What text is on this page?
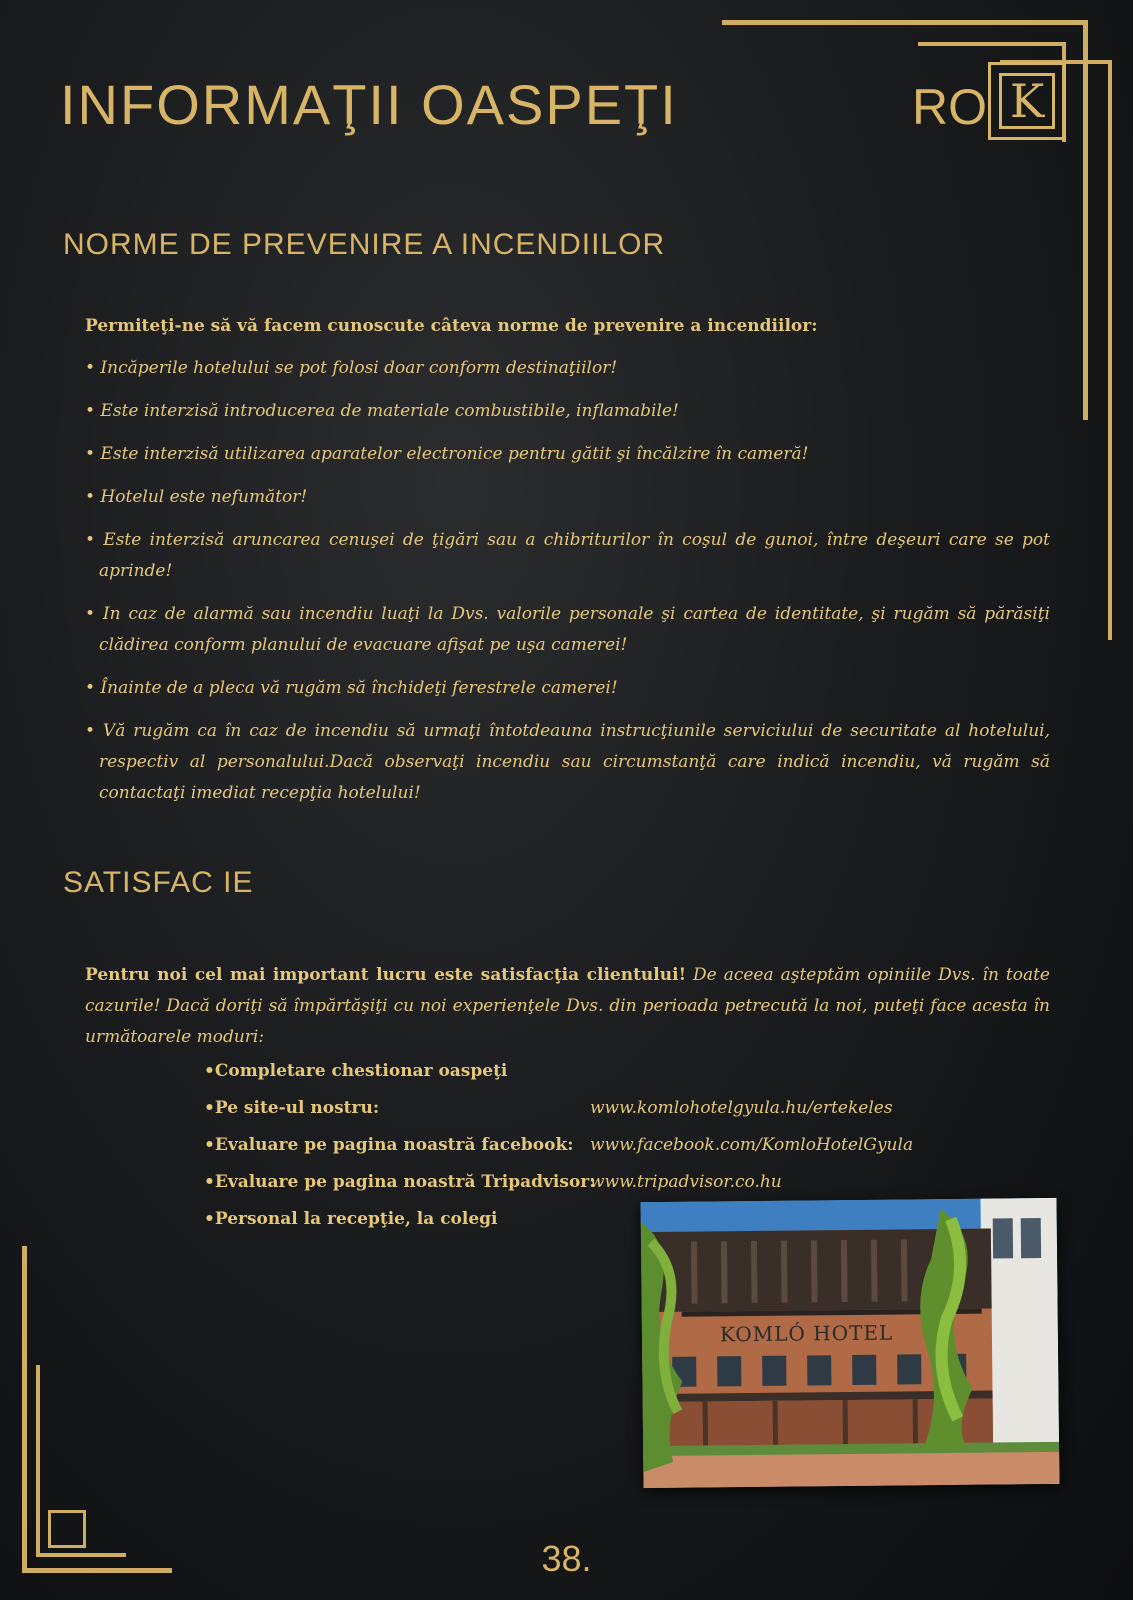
INFORMAŢII OASPEŢI	RO K
NORME DE PREVENIRE A INCENDIILOR

Permiteţi-ne să vă facem cunoscute câteva norme de prevenire a incendiilor:

• Incăperile hotelului se pot folosi doar conform destinaţiilor!
• Este interzisă introducerea de materiale combustibile, inflamabile!
• Este interzisă utilizarea aparatelor electronice pentru gătit şi încălzire în cameră!
• Hotelul este nefumător!
• Este interzisă aruncarea cenuşei de ţigări sau a chibriturilor în coşul de gunoi, între deşeuri care se pot aprinde!
• In caz de alarmă sau incendiu luaţi la Dvs. valorile personale şi cartea de identitate, şi rugăm să părăsiţi clădirea conform planului de evacuare afişat pe uşa camerei!
• Înainte de a pleca vă rugăm să închideţi ferestrele camerei!
• Vă rugăm ca în caz de incendiu să urmaţi întotdeauna instrucţiunile serviciului de securitate al hotelului, respectiv al personalului.Dacă observaţi incendiu sau circumstanţă care indică incendiu, vă rugăm să contactaţi imediat recepţia hotelului!
SATISFAC IE

Pentru noi cel mai important lucru este satisfacţia clientului! De aceea aşteptăm opiniile Dvs. în toate cazurile! Dacă doriţi să împărtăşiţi cu noi experienţele Dvs. din perioada petrecută la noi, puteţi face acesta în următoarele moduri:

•Completare chestionar oaspeţi
•Pe site-ul nostru:	www.komlohotelgyula.hu/ertekeles
•Evaluare pe pagina noastră facebook: www.facebook.com/KomloHotelGyula
•Evaluare pe pagina noastră Tripadvisor:
www.tripadvisor.co.hu
•Personal la recepţie, la colegi
KOMLÓ HOTEL
38.
